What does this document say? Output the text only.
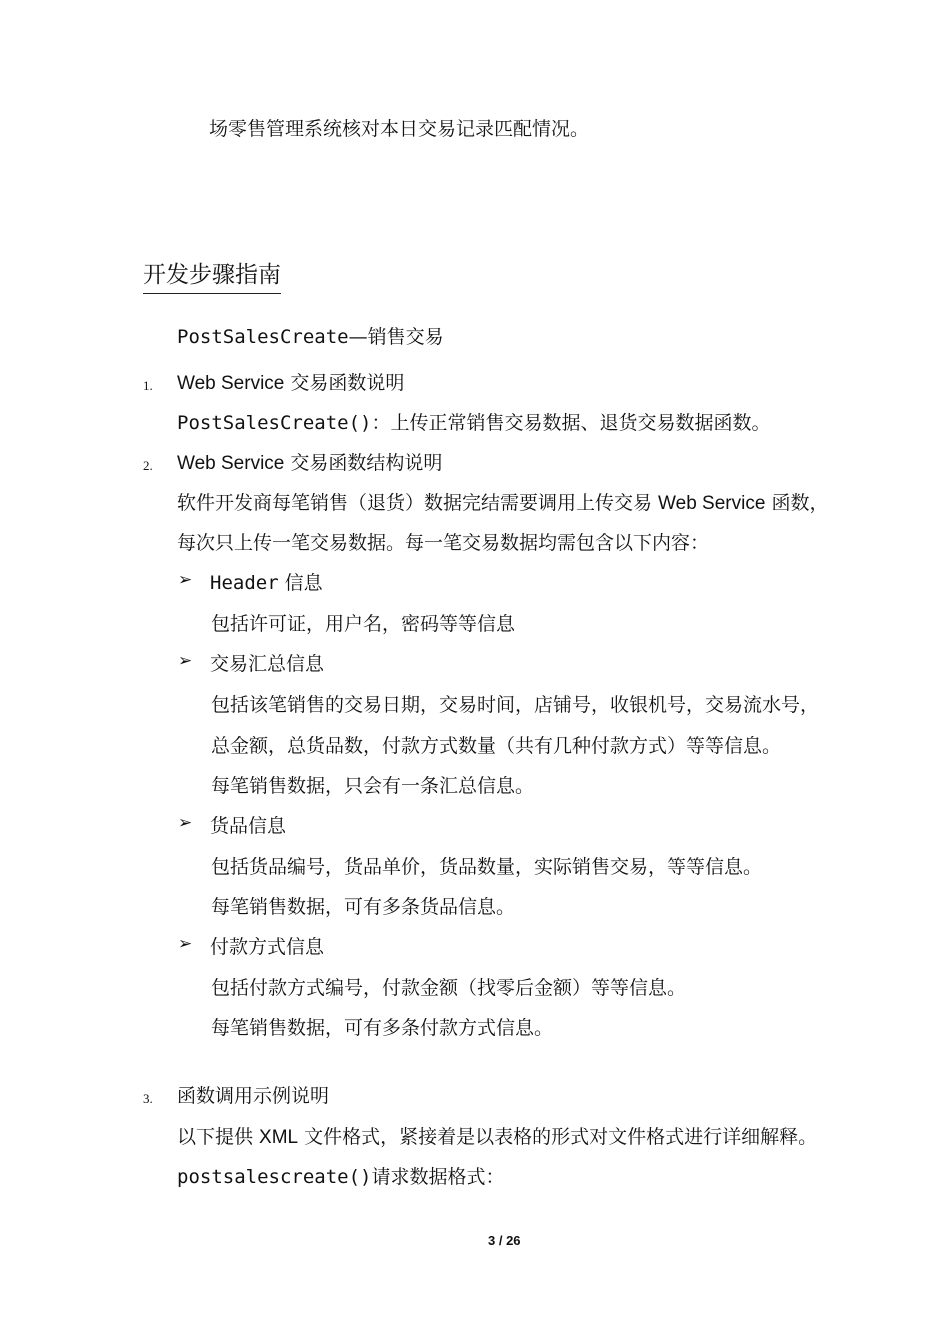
场零售管理系统核对本日交易记录匹配情况。
开发步骤指南
PostSalesCreate—销售交易
1. Web Service 交易函数说明
PostSalesCreate()：上传正常销售交易数据、退货交易数据函数。
2. Web Service 交易函数结构说明
软件开发商每笔销售（退货）数据完结需要调用上传交易 Web Service 函数，
每次只上传一笔交易数据。每一笔交易数据均需包含以下内容：
➢ Header 信息
包括许可证，用户名，密码等等信息
➢ 交易汇总信息
包括该笔销售的交易日期，交易时间，店铺号，收银机号，交易流水号，
总金额，总货品数，付款方式数量（共有几种付款方式）等等信息。
每笔销售数据，只会有一条汇总信息。
➢ 货品信息
包括货品编号，货品单价，货品数量，实际销售交易，等等信息。
每笔销售数据，可有多条货品信息。
➢ 付款方式信息
包括付款方式编号，付款金额（找零后金额）等等信息。
每笔销售数据，可有多条付款方式信息。
3. 函数调用示例说明
以下提供 XML 文件格式，紧接着是以表格的形式对文件格式进行详细解释。
postsalescreate()请求数据格式：
3 / 26
